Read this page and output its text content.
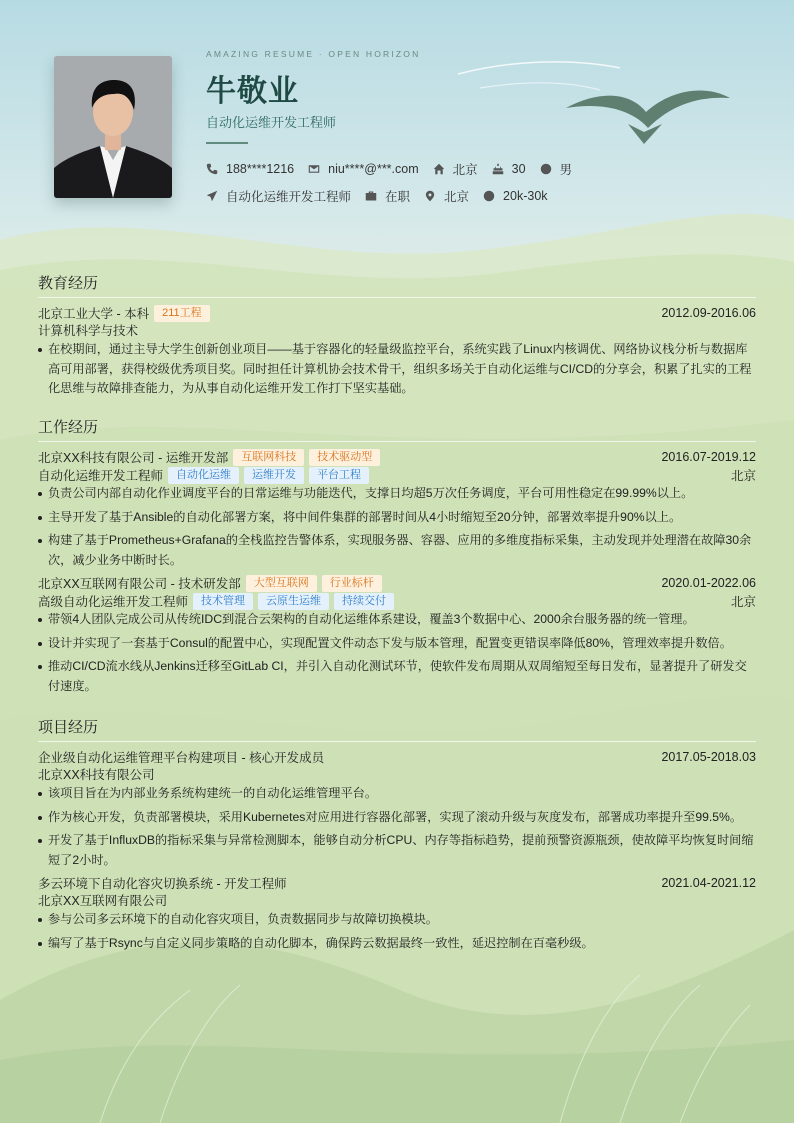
AMAZING RESUME · OPEN HORIZON
牛敬业
自动化运维开发工程师
188****1216	niu****@***.com	北京	30	男
自动化运维开发工程师	在职	北京	20k-30k
教育经历
北京工业大学 - 本科	211工程	2012.09-2016.06
计算机科学与技术
在校期间，通过主导大学生创新创业项目——基于容器化的轻量级监控平台，系统实践了Linux内核调优、网络协议栈分析与数据库高可用部署，获得校级优秀项目奖。同时担任计算机协会技术骨干，组织多场关于自动化运维与CI/CD的分享会，积累了扎实的工程化思维与故障排查能力，为从事自动化运维开发工作打下坚实基础。
工作经历
北京XX科技有限公司 - 运维开发部	互联网科技	技术驱动型	2016.07-2019.12
自动化运维开发工程师	自动化运维	运维开发	平台工程	北京
负责公司内部自动化作业调度平台的日常运维与功能迭代，支撑日均超5万次任务调度，平台可用性稳定在99.99%以上。
主导开发了基于Ansible的自动化部署方案，将中间件集群的部署时间从4小时缩短至20分钟，部署效率提升90%以上。
构建了基于Prometheus+Grafana的全栈监控告警体系，实现服务器、容器、应用的多维度指标采集，主动发现并处理潜在故障30余次，减少业务中断时长。
北京XX互联网有限公司 - 技术研发部	大型互联网	行业标杆	2020.01-2022.06
高级自动化运维开发工程师	技术管理	云原生运维	持续交付	北京
带领4人团队完成公司从传统IDC到混合云架构的自动化运维体系建设，覆盖3个数据中心、2000余台服务器的统一管理。
设计并实现了一套基于Consul的配置中心，实现配置文件动态下发与版本管理，配置变更错误率降低80%，管理效率提升数倍。
推动CI/CD流水线从Jenkins迁移至GitLab CI，并引入自动化测试环节，使软件发布周期从双周缩短至每日发布，显著提升了研发交付速度。
项目经历
企业级自动化运维管理平台构建项目 - 核心开发成员	2017.05-2018.03
北京XX科技有限公司
该项目旨在为内部业务系统构建统一的自动化运维管理平台。
作为核心开发，负责部署模块，采用Kubernetes对应用进行容器化部署，实现了滚动升级与灰度发布，部署成功率提升至99.5%。
开发了基于InfluxDB的指标采集与异常检测脚本，能够自动分析CPU、内存等指标趋势，提前预警资源瓶颈，使故障平均恢复时间缩短了2小时。
多云环境下自动化容灾切换系统 - 开发工程师	2021.04-2021.12
北京XX互联网有限公司
参与公司多云环境下的自动化容灾项目，负责数据同步与故障切换模块。
编写了基于Rsync与自定义同步策略的自动化脚本，确保跨云数据最终一致性，延迟控制在百毫秒级。
